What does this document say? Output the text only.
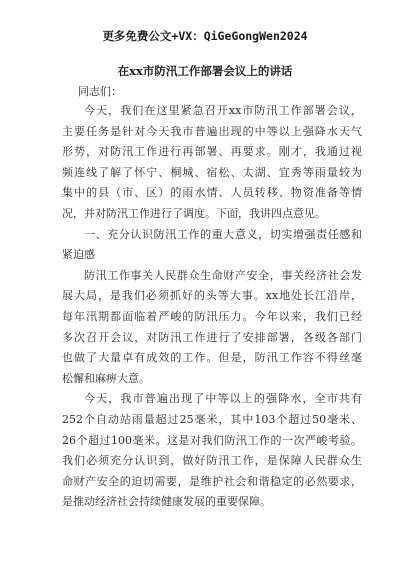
更多免费公文+VX：QiGeGongWen2024
在xx市防汛工作部署会议上的讲话
同志们：
今天，我们在这里紧急召开xx市防汛工作部署会议，
主要任务是针对今天我市普遍出现的中等以上强降水天气
形势，对防汛工作进行再部署、再要求。刚才，我通过视
频连线了解了怀宁、桐城、宿松、太湖、宜秀等雨量较为
集中的县（市、区）的雨水情、人员转移、物资准备等情
况，并对防汛工作进行了调度。下面，我讲四点意见。
一、充分认识防汛工作的重大意义，切实增强责任感和
紧迫感
防汛工作事关人民群众生命财产安全，事关经济社会发
展大局，是我们必须抓好的头等大事。xx地处长江沿岸，
每年汛期都面临着严峻的防汛压力。今年以来，我们已经
多次召开会议，对防汛工作进行了安排部署，各级各部门
也做了大量卓有成效的工作。但是，防汛工作容不得丝毫
松懈和麻痹大意。
今天，我市普遍出现了中等以上的强降水，全市共有
252个自动站雨量超过25毫米，其中103个超过50毫米、
26个超过100毫米。这是对我们防汛工作的一次严峻考验。
我们必须充分认识到，做好防汛工作，是保障人民群众生
命财产安全的迫切需要，是维护社会和谐稳定的必然要求，
是推动经济社会持续健康发展的重要保障。
